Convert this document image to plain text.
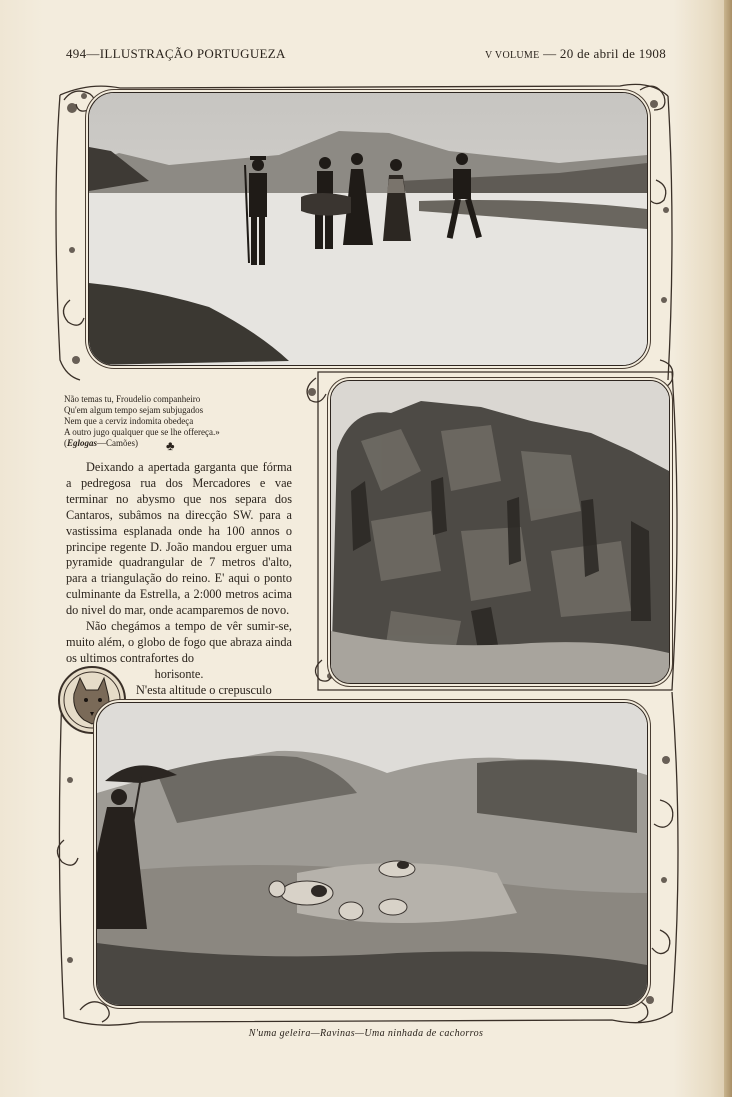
494—ILLUSTRAÇÃO PORTUGUEZA	V VOLUME — 20 de abril de 1908
Não temas tu, Froudelio companheiro
Qu'em algum tempo sejam subjugados
Nem que a cerviz indomita obedeça
A outro jugo qualquer que se lhe offereça.»
(Eglogas—Camões)	♣

Deixando a apertada garganta que fórma a pedregosa rua dos Mercadores e vae terminar no abysmo que nos separa dos Cantaros, subâmos na direcção SW. para a vastissima esplanada onde ha 100 annos o principe regente D. João mandou erguer uma pyramide quadrangular de 7 metros d'alto, para a triangulação do reino. E' aqui o ponto culminante da Estrella, a 2:000 metros acima do nivel do mar, onde acamparemos de novo.

Não chegámos a tempo de vêr sumir-se, muito além, o globo de fogo que abraza ainda os ultimos contrafortes do

horisonte.

N'esta altitude o crepusculo

N'uma geleira—Ravinas—Uma ninhada de cachorros
